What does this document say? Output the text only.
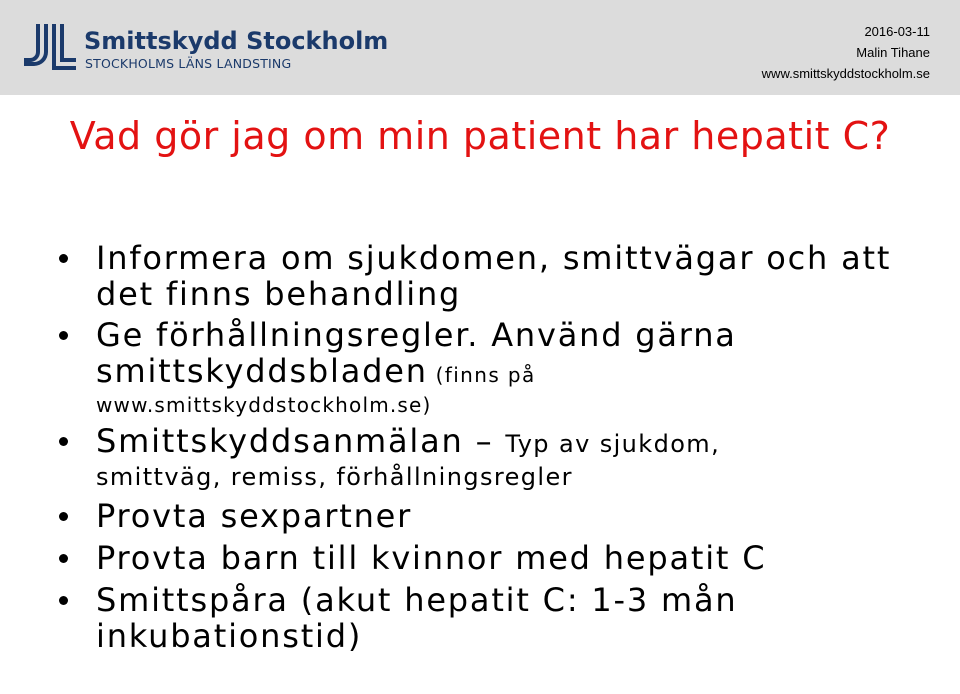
Smittskydd Stockholm
STOCKHOLMS LÄNS LANDSTING
2016-03-11
Malin Tihane
www.smittskyddstockholm.se
Vad gör jag om min patient har hepatit C?
Informera om sjukdomen, smittvägar och att det finns behandling
Ge förhållningsregler. Använd gärna smittskyddsbladen (finns på
www.smittskyddstockholm.se)
Smittskyddsanmälan – Typ av sjukdom,
smittväg, remiss, förhållningsregler
Provta sexpartner
Provta barn till kvinnor med hepatit C
Smittspåra (akut hepatit C: 1-3 mån inkubationstid)
